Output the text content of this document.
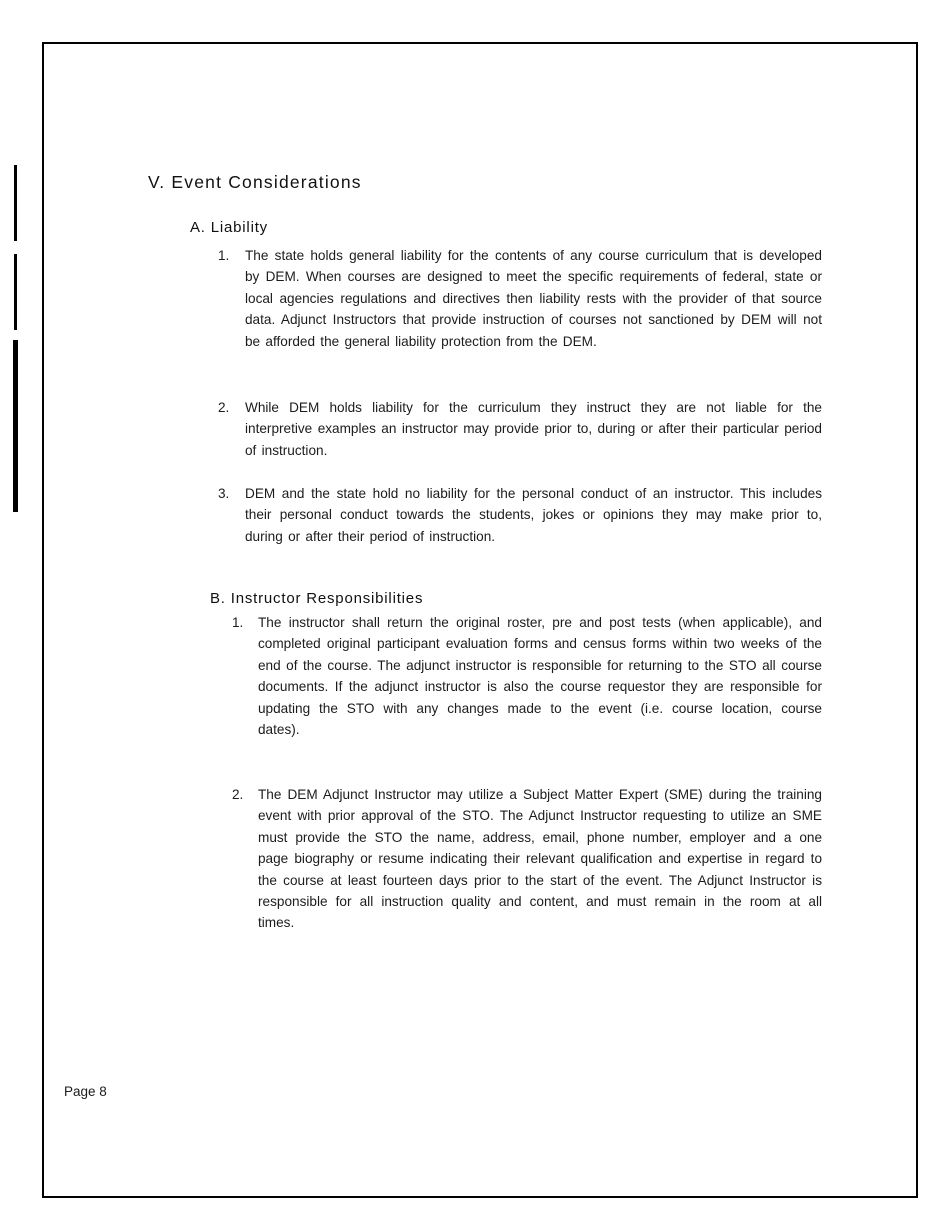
V. Event Considerations
A. Liability
1.	The state holds general liability for the contents of any course curriculum that is developed by DEM. When courses are designed to meet the specific requirements of federal, state or local agencies regulations and directives then liability rests with the provider of that source data. Adjunct Instructors that provide instruction of courses not sanctioned by DEM will not be afforded the general liability protection from the DEM.

2.	While DEM holds liability for the curriculum they instruct they are not liable for the interpretive examples an instructor may provide prior to, during or after their particular period of instruction.

3.	DEM and the state hold no liability for the personal conduct of an instructor. This includes their personal conduct towards the students, jokes or opinions they may make prior to, during or after their period of instruction.

B. Instructor Responsibilities
1.	The instructor shall return the original roster, pre and post tests (when applicable), and completed original participant evaluation forms and census forms within two weeks of the end of the course. The adjunct instructor is responsible for returning to the STO all course documents. If the adjunct instructor is also the course requestor they are responsible for updating the STO with any changes made to the event (i.e. course location, course dates).

2.	The DEM Adjunct Instructor may utilize a Subject Matter Expert (SME) during the training event with prior approval of the STO. The Adjunct Instructor requesting to utilize an SME must provide the STO the name, address, email, phone number, employer and a one page biography or resume indicating their relevant qualification and expertise in regard to the course at least fourteen days prior to the start of the event. The Adjunct Instructor is responsible for all instruction quality and content, and must remain in the room at all times.

Page 8
